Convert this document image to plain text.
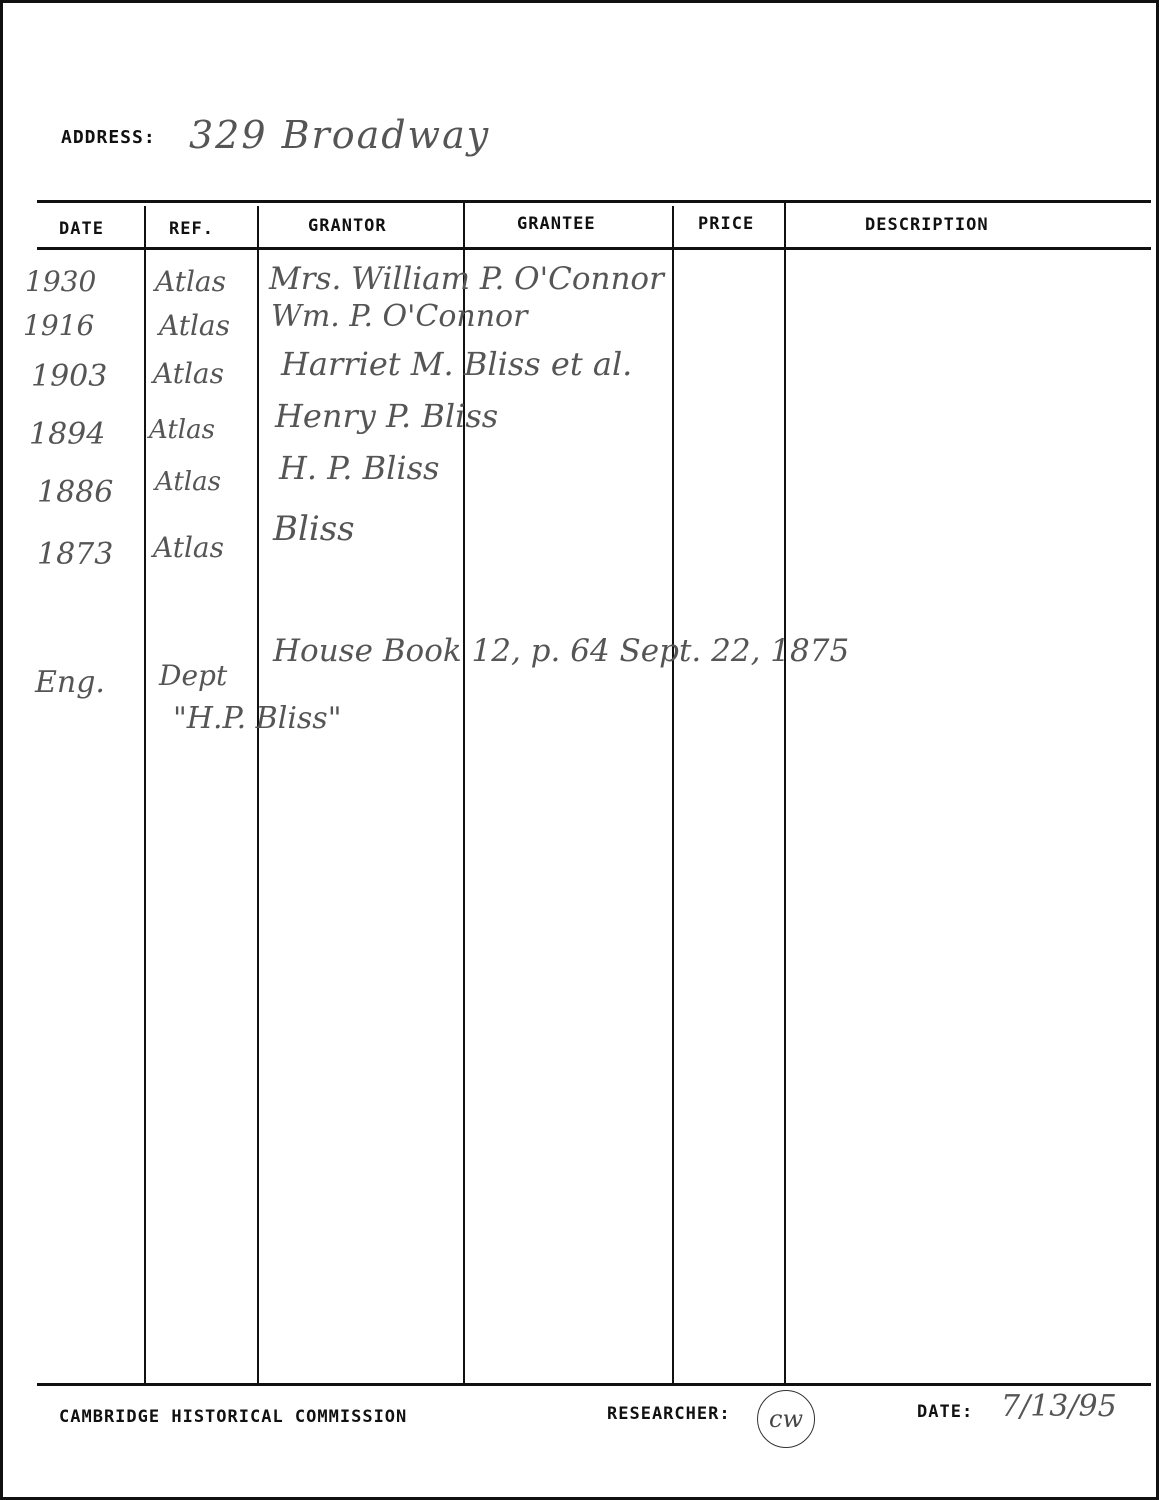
ADDRESS: 329 Broadway
DATE	REF.	GRANTOR	GRANTEE	PRICE	DESCRIPTION
1930 Atlas Mrs. William P. O'Connor
1916 Atlas Wm. P. O'Connor
1903 Atlas Harriet M. Bliss et al.
1894 Atlas Henry P. Bliss
1886 Atlas H. P. Bliss
1873 Atlas Bliss
Eng. Dept
House Book 12, p. 64 Sept. 22, 1875
"H.P. Bliss"
CAMBRIDGE HISTORICAL COMMISSION	RESEARCHER: cw	DATE: 7/13/95
